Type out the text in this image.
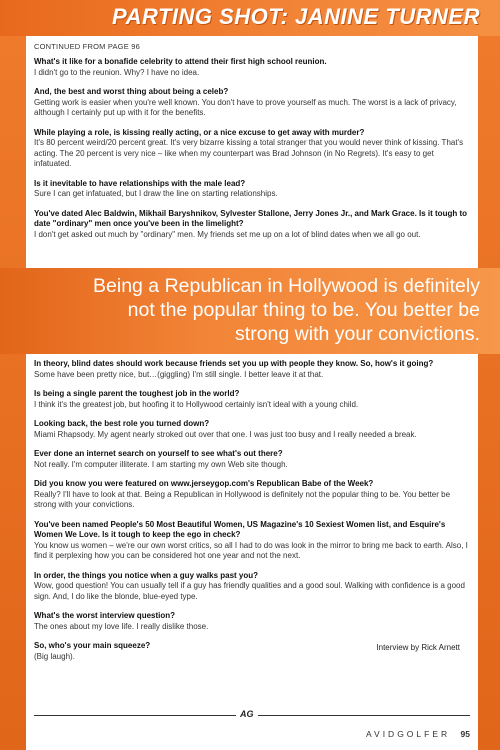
PARTING SHOT: JANINE TURNER
CONTINUED FROM PAGE 96
What's it like for a bonafide celebrity to attend their first high school reunion.
I didn't go to the reunion. Why? I have no idea.
And, the best and worst thing about being a celeb?
Getting work is easier when you're well known. You don't have to prove yourself as much. The worst is a lack of privacy, although I certainly put up with it for the benefits.
While playing a role, is kissing really acting, or a nice excuse to get away with murder?
It's 80 percent weird/20 percent great. It's very bizarre kissing a total stranger that you would never think of kissing. That's acting. The 20 percent is very nice – like when my counterpart was Brad Johnson (in No Regrets). It's easy to get infatuated.
Is it inevitable to have relationships with the male lead?
Sure I can get infatuated, but I draw the line on starting relationships.
You've dated Alec Baldwin, Mikhail Baryshnikov, Sylvester Stallone, Jerry Jones Jr., and Mark Grace. Is it tough to date "ordinary" men once you've been in the limelight?
I don't get asked out much by "ordinary" men. My friends set me up on a lot of blind dates when we all go out.
Being a Republican in Hollywood is definitely not the popular thing to be. You better be strong with your convictions.
In theory, blind dates should work because friends set you up with people they know. So, how's it going?
Some have been pretty nice, but…(giggling) I'm still single. I better leave it at that.
Is being a single parent the toughest job in the world?
I think it's the greatest job, but hoofing it to Hollywood certainly isn't ideal with a young child.
Looking back, the best role you turned down?
Miami Rhapsody. My agent nearly stroked out over that one. I was just too busy and I really needed a break.
Ever done an internet search on yourself to see what's out there?
Not really. I'm computer illiterate. I am starting my own Web site though.
Did you know you were featured on www.jerseygop.com's Republican Babe of the Week?
Really? I'll have to look at that. Being a Republican in Hollywood is definitely not the popular thing to be. You better be strong with your convictions.
You've been named People's 50 Most Beautiful Women, US Magazine's 10 Sexiest Women list, and Esquire's Women We Love. Is it tough to keep the ego in check?
You know us women – we're our own worst critics, so all I had to do was look in the mirror to bring me back to earth. Also, I find it perplexing how you can be considered hot one year and not the next.
In order, the things you notice when a guy walks past you?
Wow, good question! You can usually tell if a guy has friendly qualities and a good soul. Walking with confidence is a good sign. And, I do like the blonde, blue-eyed type.
What's the worst interview question?
The ones about my love life. I really dislike those.
So, who's your main squeeze?
(Big laugh).
Interview by Rick Arnett
AG
AVIDGOLFER 95
